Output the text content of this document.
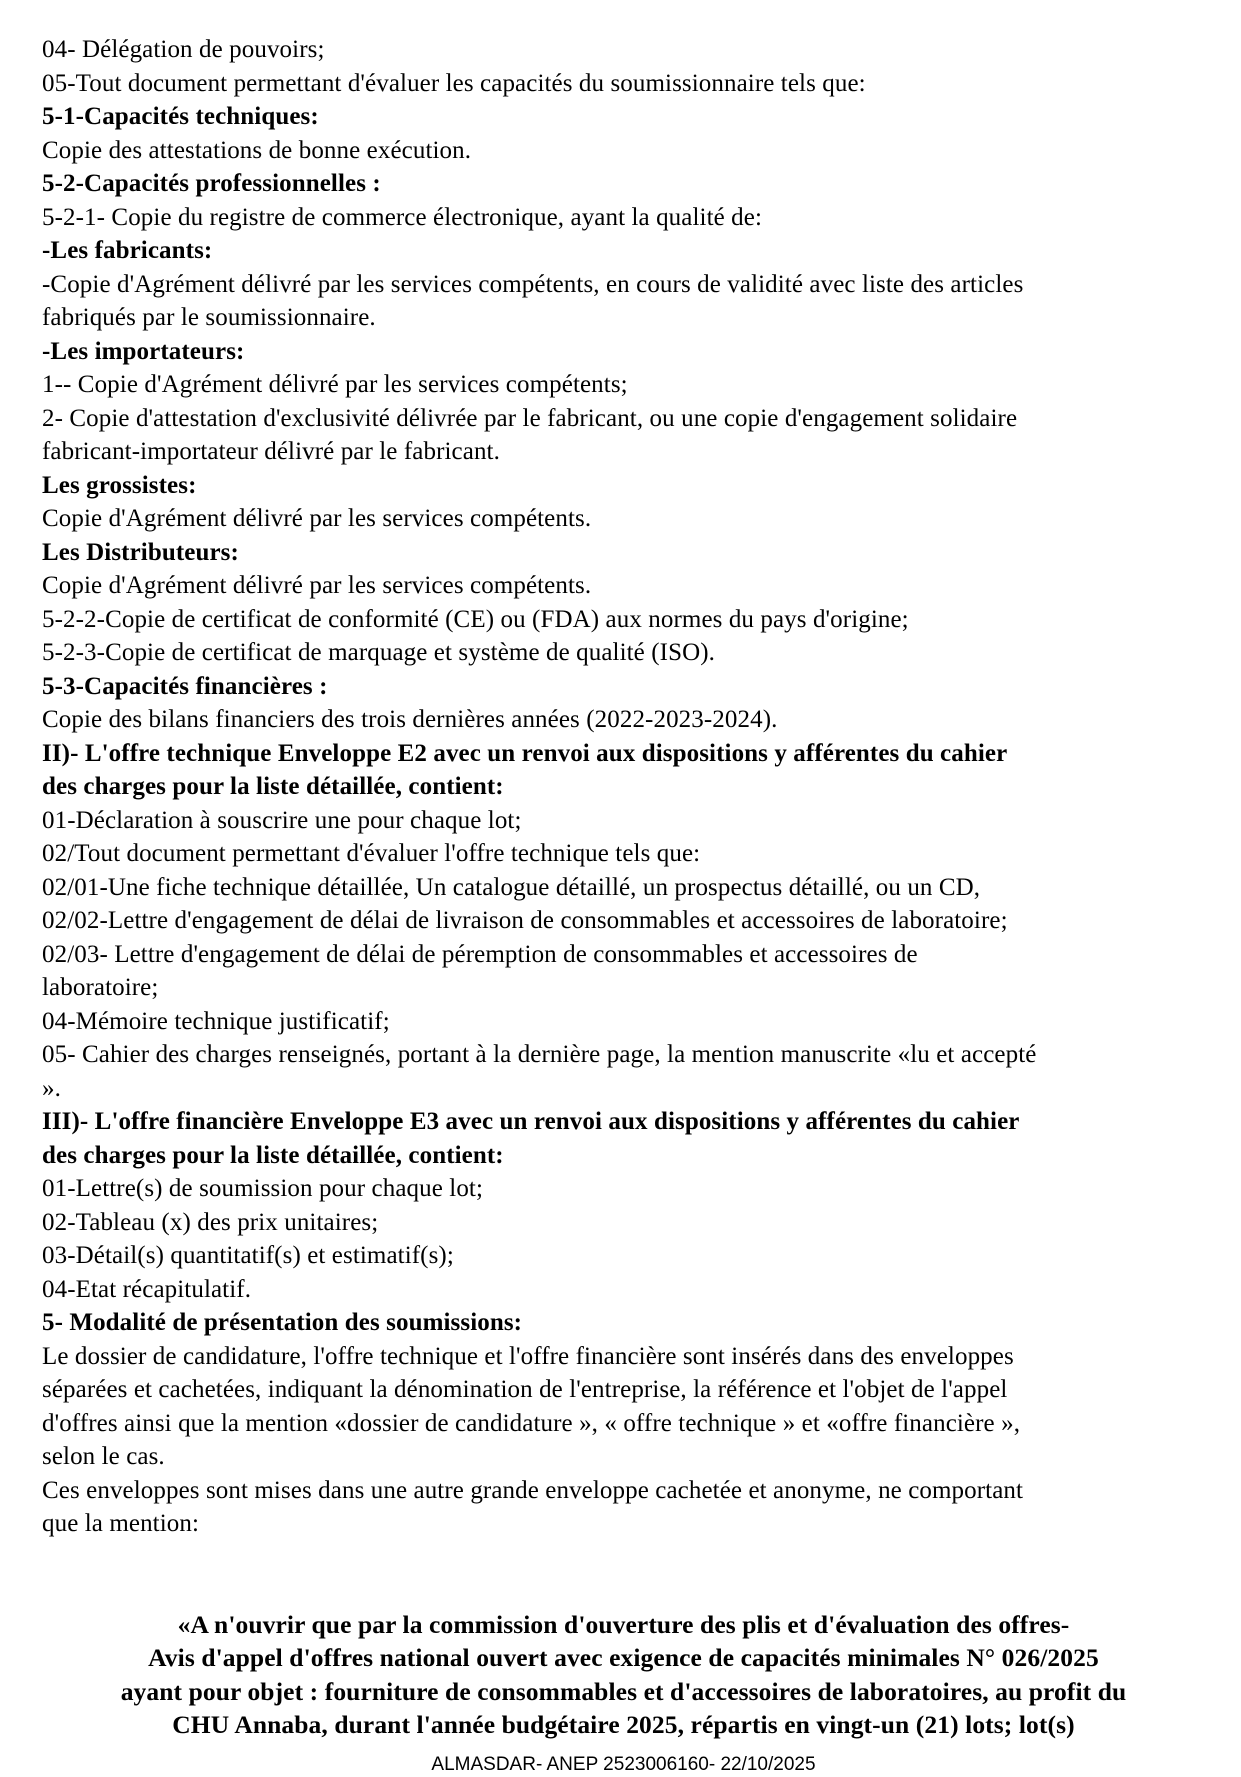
04- Délégation de pouvoirs;
05-Tout document permettant d'évaluer les capacités du soumissionnaire tels que:
5-1-Capacités techniques:
Copie des attestations de bonne exécution.
5-2-Capacités professionnelles :
5-2-1- Copie du registre de commerce électronique, ayant la qualité de:
-Les fabricants:
-Copie d'Agrément délivré par les services compétents, en cours de validité avec liste des articles
fabriqués par le soumissionnaire.
-Les importateurs:
1-- Copie d'Agrément délivré par les services compétents;
2- Copie d'attestation d'exclusivité délivrée par le fabricant, ou une copie d'engagement solidaire
fabricant-importateur délivré par le fabricant.
Les grossistes:
Copie d'Agrément délivré par les services compétents.
Les Distributeurs:
Copie d'Agrément délivré par les services compétents.
5-2-2-Copie de certificat de conformité (CE) ou (FDA) aux normes du pays d'origine;
5-2-3-Copie de certificat de marquage et système de qualité (ISO).
5-3-Capacités financières :
Copie des bilans financiers des trois dernières années (2022-2023-2024).
II)- L'offre technique Enveloppe E2 avec un renvoi aux dispositions y afférentes du cahier
des charges pour la liste détaillée, contient:
01-Déclaration à souscrire une pour chaque lot;
02/Tout document permettant d'évaluer l'offre technique tels que:
02/01-Une fiche technique détaillée, Un catalogue détaillé, un prospectus détaillé, ou un CD,
02/02-Lettre d'engagement de délai de livraison de consommables et accessoires de laboratoire;
02/03- Lettre d'engagement de délai de péremption de consommables et accessoires de
laboratoire;
04-Mémoire technique justificatif;
05- Cahier des charges renseignés, portant à la dernière page, la mention manuscrite «lu et accepté
».
III)- L'offre financière Enveloppe E3 avec un renvoi aux dispositions y afférentes du cahier
des charges pour la liste détaillée, contient:
01-Lettre(s) de soumission pour chaque lot;
02-Tableau (x) des prix unitaires;
03-Détail(s) quantitatif(s) et estimatif(s);
04-Etat récapitulatif.
5- Modalité de présentation des soumissions:
Le dossier de candidature, l'offre technique et l'offre financière sont insérés dans des enveloppes
séparées et cachetées, indiquant la dénomination de l'entreprise, la référence et l'objet de l'appel
d'offres ainsi que la mention «dossier de candidature », « offre technique » et «offre financière »,
selon le cas.
Ces enveloppes sont mises dans une autre grande enveloppe cachetée et anonyme, ne comportant
que la mention:
«A n'ouvrir que par la commission d'ouverture des plis et d'évaluation des offres-
Avis d'appel d'offres national ouvert avec exigence de capacités minimales N° 026/2025
ayant pour objet : fourniture de consommables et d'accessoires de laboratoires, au profit du
CHU Annaba, durant l'année budgétaire 2025, répartis en vingt-un (21) lots; lot(s)
ALMASDAR- ANEP 2523006160- 22/10/2025
